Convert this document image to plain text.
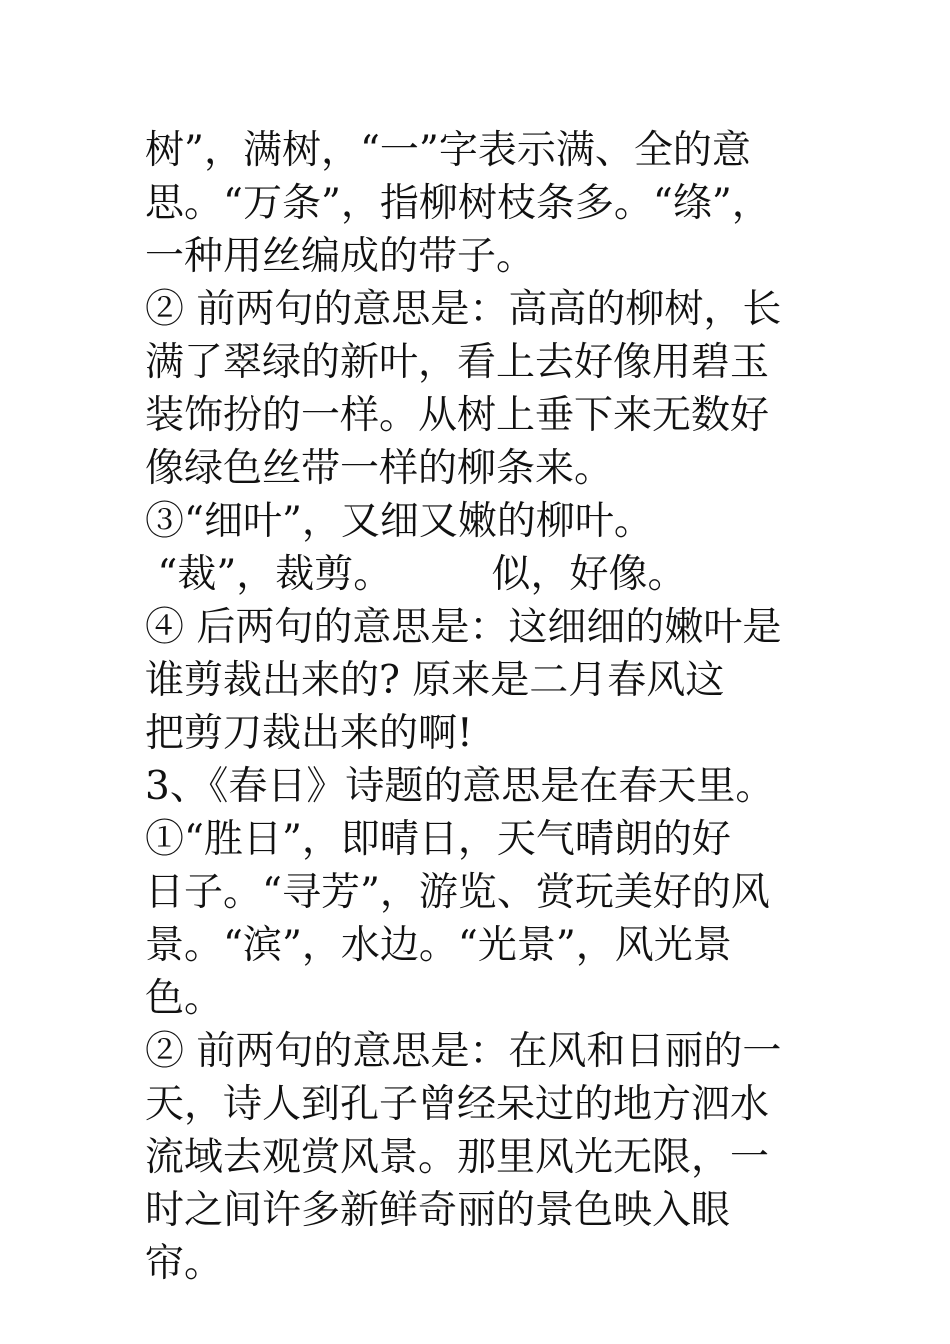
树”，满树，“一”字表示满、全的意
思。“万条”，指柳树枝条多。“绦”，
一种用丝编成的带子。
② 前两句的意思是：高高的柳树，长
满了翠绿的新叶，看上去好像用碧玉
装饰扮的一样。从树上垂下来无数好
像绿色丝带一样的柳条来。
③“细叶”，又细又嫩的柳叶。
“裁”，裁剪。        似，好像。
④ 后两句的意思是：这细细的嫩叶是
谁剪裁出来的? 原来是二月春风这
把剪刀裁出来的啊!
3、《春日》诗题的意思是在春天里。
①“胜日”，即晴日，天气晴朗的好
日子。“寻芳”，游览、赏玩美好的风
景。“滨”，水边。“光景”，风光景
色。
② 前两句的意思是：在风和日丽的一
天，诗人到孔子曾经呆过的地方泗水
流域去观赏风景。那里风光无限，一
时之间许多新鲜奇丽的景色映入眼
帘。
